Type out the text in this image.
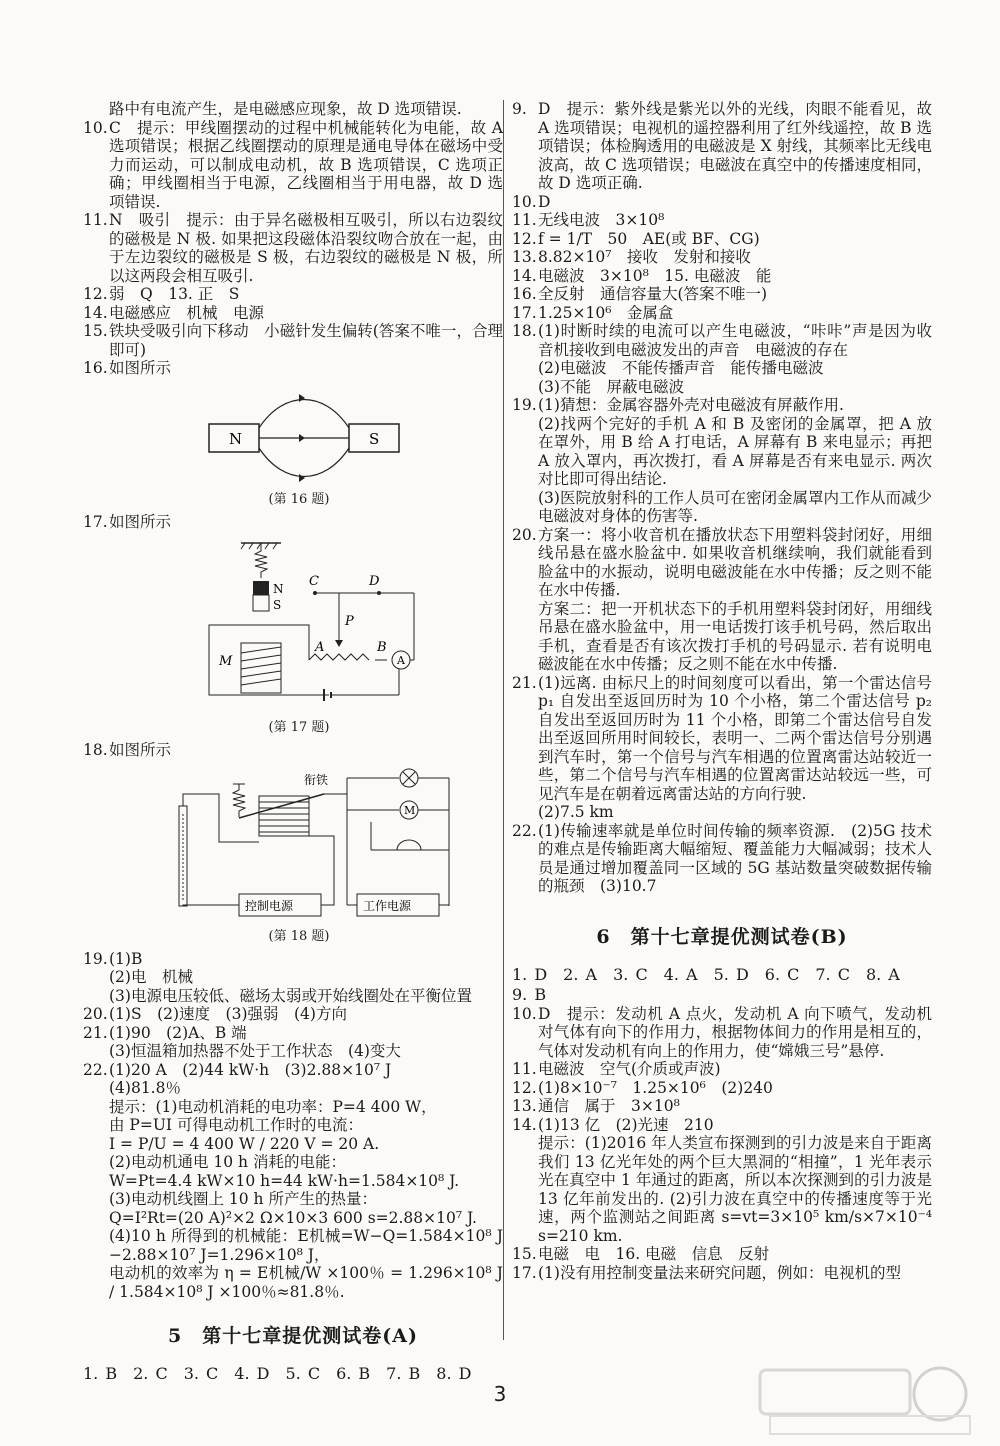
路中有电流产生，是电磁感应现象，故 D 选项错误.
10. C　提示：甲线圈摆动的过程中机械能转化为电能，故 A 选项错误；根据乙线圈摆动的原理是通电导体在磁场中受力而运动，可以制成电动机，故 B 选项错误，C 选项正确；甲线圈相当于电源，乙线圈相当于用电器，故 D 选项错误.
11. N　吸引　提示：由于异名磁极相互吸引，所以右边裂纹的磁极是 N 极. 如果把这段磁体沿裂纹吻合放在一起，由于左边裂纹的磁极是 S 极，右边裂纹的磁极是 N 极，所以这两段会相互吸引.
12. 弱　Q　13. 正　S
14. 电磁感应　机械　电源
15. 铁块受吸引向下移动　小磁针发生偏转(答案不唯一，合理即可)
16. 如图所示
N	S
(第 16 题)
17. 如图所示
N
S
M	A
A	B
C	D
P
(第 17 题)
18. 如图所示
衔铁
M
工作电源
控制电源
(第 18 题)
19. (1)B
(2)电　机械
(3)电源电压较低、磁场太弱或开始线圈处在平衡位置
20. (1)S　(2)速度　(3)强弱　(4)方向
21. (1)90　(2)A、B 端
(3)恒温箱加热器不处于工作状态　(4)变大
22. (1)20 A　(2)44 kW·h　(3)2.88×10⁷ J
(4)81.8％
提示：(1)电动机消耗的电功率：P=4 400 W，
由 P=UI 可得电动机工作时的电流：
I = P/U = 4 400 W / 220 V = 20 A.
(2)电动机通电 10 h 消耗的电能：
W=Pt=4.4 kW×10 h=44 kW·h=1.584×10⁸ J.
(3)电动机线圈上 10 h 所产生的热量：
Q=I²Rt=(20 A)²×2 Ω×10×3 600 s=2.88×10⁷ J.
(4)10 h 所得到的机械能：E机械=W−Q=1.584×10⁸ J −2.88×10⁷ J=1.296×10⁸ J，
电动机的效率为 η = E机械/W ×100％ = 1.296×10⁸ J / 1.584×10⁸ J ×100％≈81.8％.
5　第十七章提优测试卷(A)
1. B　2. C　3. C　4. D　5. C　6. B　7. B　8. D
9. D　提示：紫外线是紫光以外的光线，肉眼不能看见，故 A 选项错误；电视机的遥控器利用了红外线遥控，故 B 选项错误；体检胸透用的电磁波是 X 射线，其频率比无线电波高，故 C 选项错误；电磁波在真空中的传播速度相同，故 D 选项正确.
10. D
11. 无线电波　3×10⁸
12. f = 1/T　50　AE(或 BF、CG)
13. 8.82×10⁷　接收　发射和接收
14. 电磁波　3×10⁸　15. 电磁波　能
16. 全反射　通信容量大(答案不唯一)
17. 1.25×10⁶　金属盒
18. (1)时断时续的电流可以产生电磁波，“咔咔”声是因为收音机接收到电磁波发出的声音　电磁波的存在
(2)电磁波　不能传播声音　能传播电磁波
(3)不能　屏蔽电磁波
19. (1)猜想：金属容器外壳对电磁波有屏蔽作用.
(2)找两个完好的手机 A 和 B 及密闭的金属罩，把 A 放在罩外，用 B 给 A 打电话，A 屏幕有 B 来电显示；再把 A 放入罩内，再次拨打，看 A 屏幕是否有来电显示. 两次对比即可得出结论.
(3)医院放射科的工作人员可在密闭金属罩内工作从而减少电磁波对身体的伤害等.
20. 方案一：将小收音机在播放状态下用塑料袋封闭好，用细线吊悬在盛水脸盆中. 如果收音机继续响，我们就能看到脸盆中的水振动，说明电磁波能在水中传播；反之则不能在水中传播.
方案二：把一开机状态下的手机用塑料袋封闭好，用细线吊悬在盛水脸盆中，用一电话拨打该手机号码，然后取出手机，查看是否有该次拨打手机的号码显示. 若有说明电磁波能在水中传播；反之则不能在水中传播.
21. (1)远离. 由标尺上的时间刻度可以看出，第一个雷达信号 p₁ 自发出至返回历时为 10 个小格，第二个雷达信号 p₂ 自发出至返回历时为 11 个小格，即第二个雷达信号自发出至返回所用时间较长，表明一、二两个雷达信号分别遇到汽车时，第一个信号与汽车相遇的位置离雷达站较近一些，第二个信号与汽车相遇的位置离雷达站较远一些，可见汽车是在朝着远离雷达站的方向行驶.
(2)7.5 km
22. (1)传输速率就是单位时间传输的频率资源.　(2)5G 技术的难点是传输距离大幅缩短、覆盖能力大幅减弱；技术人员是通过增加覆盖同一区域的 5G 基站数量突破数据传输的瓶颈　(3)10.7
6　第十七章提优测试卷(B)
1. D　2. A　3. C　4. A　5. D　6. C　7. C　8. A
9. B
10. D　提示：发动机 A 点火，发动机 A 向下喷气，发动机对气体有向下的作用力，根据物体间力的作用是相互的，气体对发动机有向上的作用力，使“嫦娥三号”悬停.
11. 电磁波　空气(介质或声波)
12. (1)8×10⁻⁷　1.25×10⁶　(2)240
13. 通信　属于　3×10⁸
14. (1)13 亿　(2)光速　210
提示：(1)2016 年人类宣布探测到的引力波是来自于距离我们 13 亿光年处的两个巨大黑洞的“相撞”，1 光年表示光在真空中 1 年通过的距离，所以本次探测到的引力波是 13 亿年前发出的. (2)引力波在真空中的传播速度等于光速，两个监测站之间距离 s=vt=3×10⁵ km/s×7×10⁻⁴ s=210 km.
15. 电磁　电　16. 电磁　信息　反射
17. (1)没有用控制变量法来研究问题，例如：电视机的型
3
